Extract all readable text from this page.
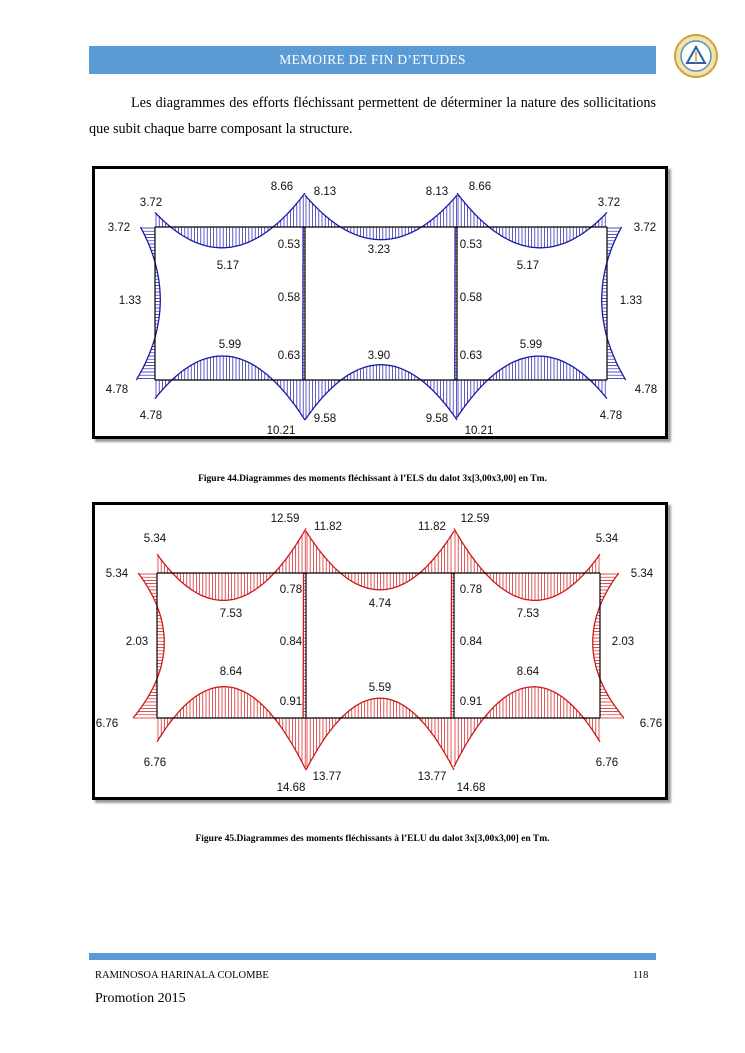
MEMOIRE DE FIN D’ETUDES

Les diagrammes des efforts fléchissant permettent de déterminer la nature des sollicitations que subit chaque barre composant la structure.

3.72
3.72
3.72
3.72
8.66 8.13	8.13 8.66
5.17
3.23
5.17
0.53	0.53
1.33	1.33
0.58	0.58
5.99
3.90
5.99
0.63	0.63
4.78
4.78
4.78
4.78
9.58
10.21
9.58
10.21
Figure 44.Diagrammes des moments fléchissant à l’ELS du dalot 3x[3,00x3,00] en Tm.
5.34
5.34
5.34
5.34
12.59
11.82	11.82
12.59
7.53
4.74
7.53
0.78	0.78
2.03	2.03
0.84	0.84
8.64
5.59
8.64
0.91	0.91
6.76
6.76
6.76
6.76
13.77
14.68
13.77
14.68
Figure 45.Diagrammes des moments fléchissants à l’ELU du dalot 3x[3,00x3,00] en Tm.
RAMINOSOA HARINALA COLOMBE	118
Promotion 2015
